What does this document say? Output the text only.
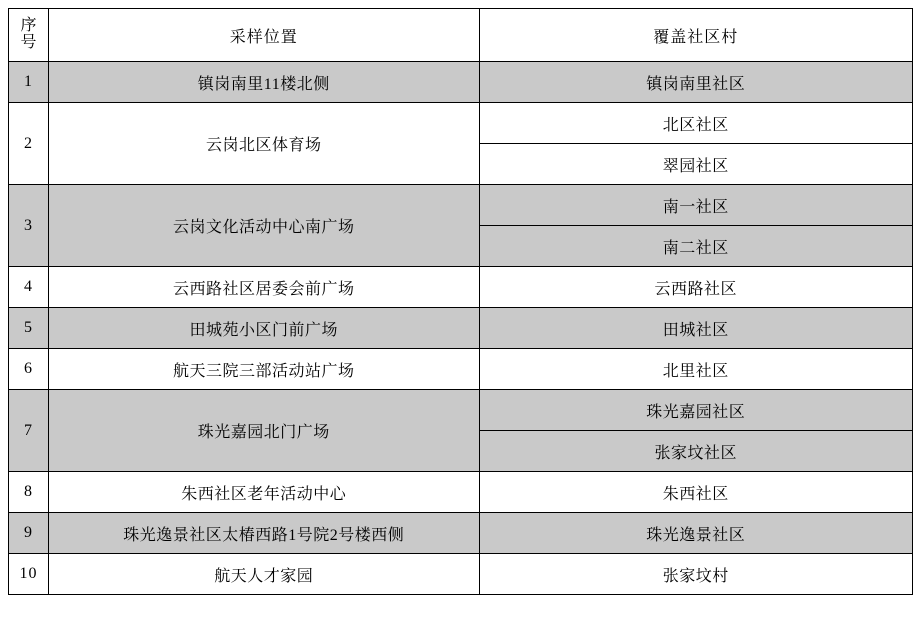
序
号	采样位置	覆盖社区村
1	镇岗南里11楼北侧	镇岗南里社区
2	云岗北区体育场	北区社区
		翠园社区
3	云岗文化活动中心南广场	南一社区
		南二社区
4	云西路社区居委会前广场	云西路社区
5	田城苑小区门前广场	田城社区
6	航天三院三部活动站广场	北里社区
7	珠光嘉园北门广场	珠光嘉园社区
		张家坟社区
8	朱西社区老年活动中心	朱西社区
9	珠光逸景社区太椿西路1号院2号楼西侧	珠光逸景社区
10	航天人才家园	张家坟村
